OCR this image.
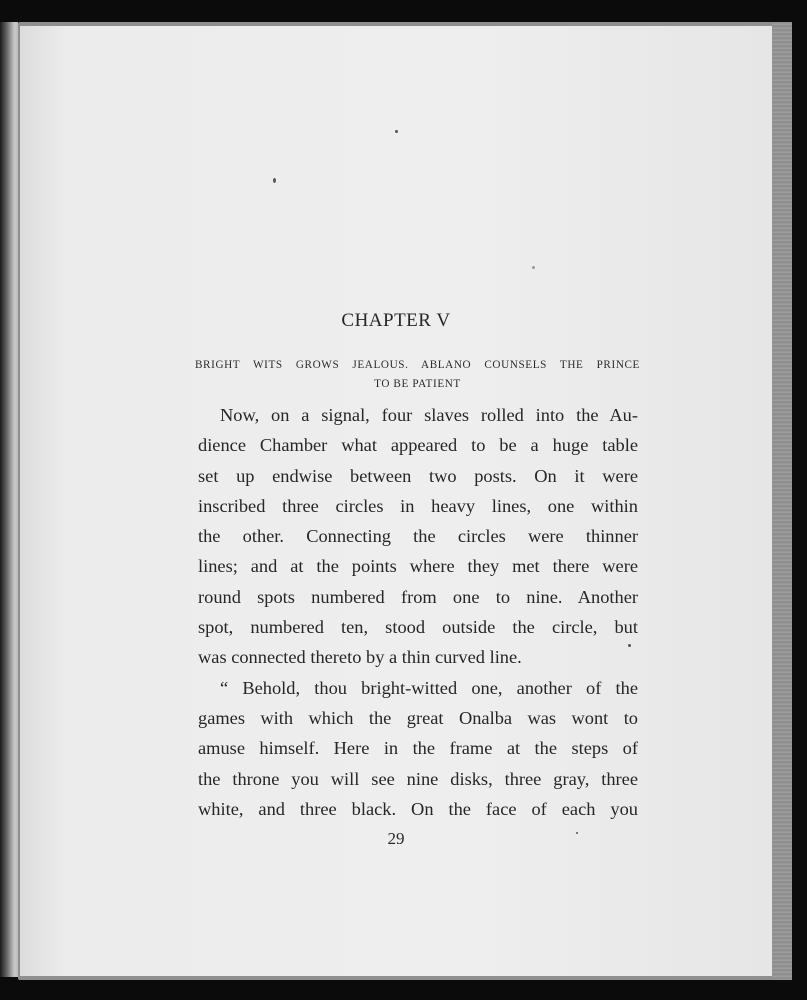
CHAPTER V
BRIGHT WITS GROWS JEALOUS. ABLANO COUNSELS THE PRINCE
TO BE PATIENT
Now, on a signal, four slaves rolled into the Au-
dience Chamber what appeared to be a huge table
set up endwise between two posts. On it were
inscribed three circles in heavy lines, one within
the other. Connecting the circles were thinner
lines; and at the points where they met there were
round spots numbered from one to nine. Another
spot, numbered ten, stood outside the circle, but
was connected thereto by a thin curved line.
“ Behold, thou bright-witted one, another of the
games with which the great Onalba was wont to
amuse himself. Here in the frame at the steps of
the throne you will see nine disks, three gray, three
white, and three black. On the face of each you
29
